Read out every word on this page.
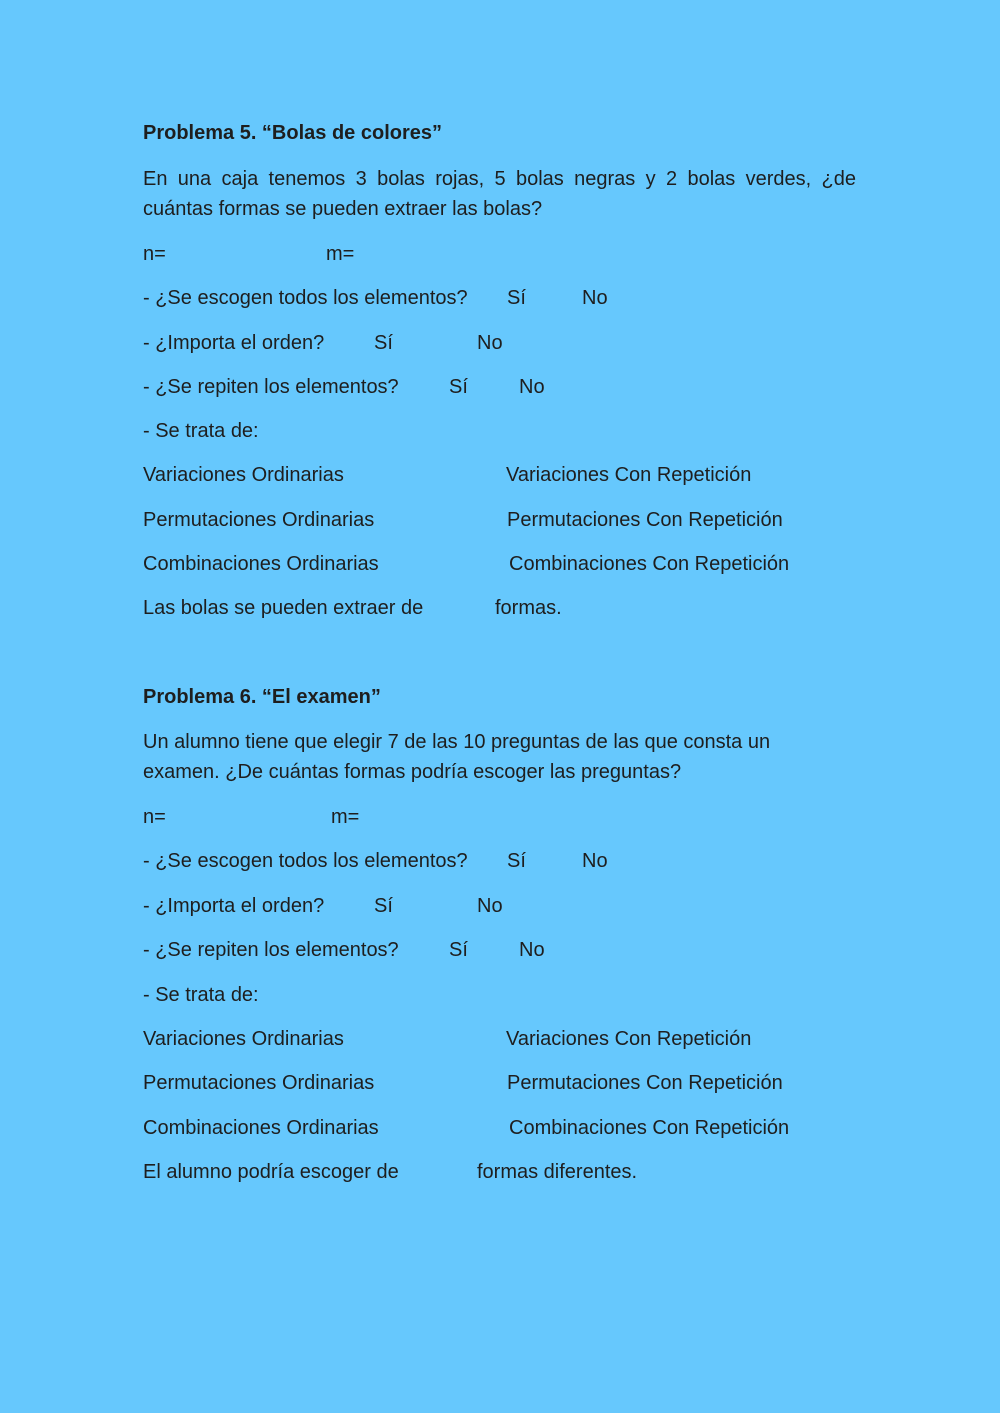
Problema 5. “Bolas de colores”

En una caja tenemos 3 bolas rojas, 5 bolas negras y 2 bolas verdes, ¿de
cuántas formas se pueden extraer las bolas?

n=	m=

- ¿Se escogen todos los elementos? Sí	No

- ¿Importa el orden? Sí	No

- ¿Se repiten los elementos?	Sí	No

- Se trata de:

Variaciones Ordinarias	Variaciones Con Repetición

Permutaciones Ordinarias	Permutaciones Con Repetición

Combinaciones Ordinarias	Combinaciones Con Repetición

Las bolas se pueden extraer de	formas.

Problema 6. “El examen”

Un alumno tiene que elegir 7 de las 10 preguntas de las que consta un
examen. ¿De cuántas formas podría escoger las preguntas?

n=	m=

- ¿Se escogen todos los elementos? Sí	No

- ¿Importa el orden? Sí	No

- ¿Se repiten los elementos?	Sí	No

- Se trata de:

Variaciones Ordinarias	Variaciones Con Repetición

Permutaciones Ordinarias	Permutaciones Con Repetición

Combinaciones Ordinarias	Combinaciones Con Repetición

El alumno podría escoger de	formas diferentes.
